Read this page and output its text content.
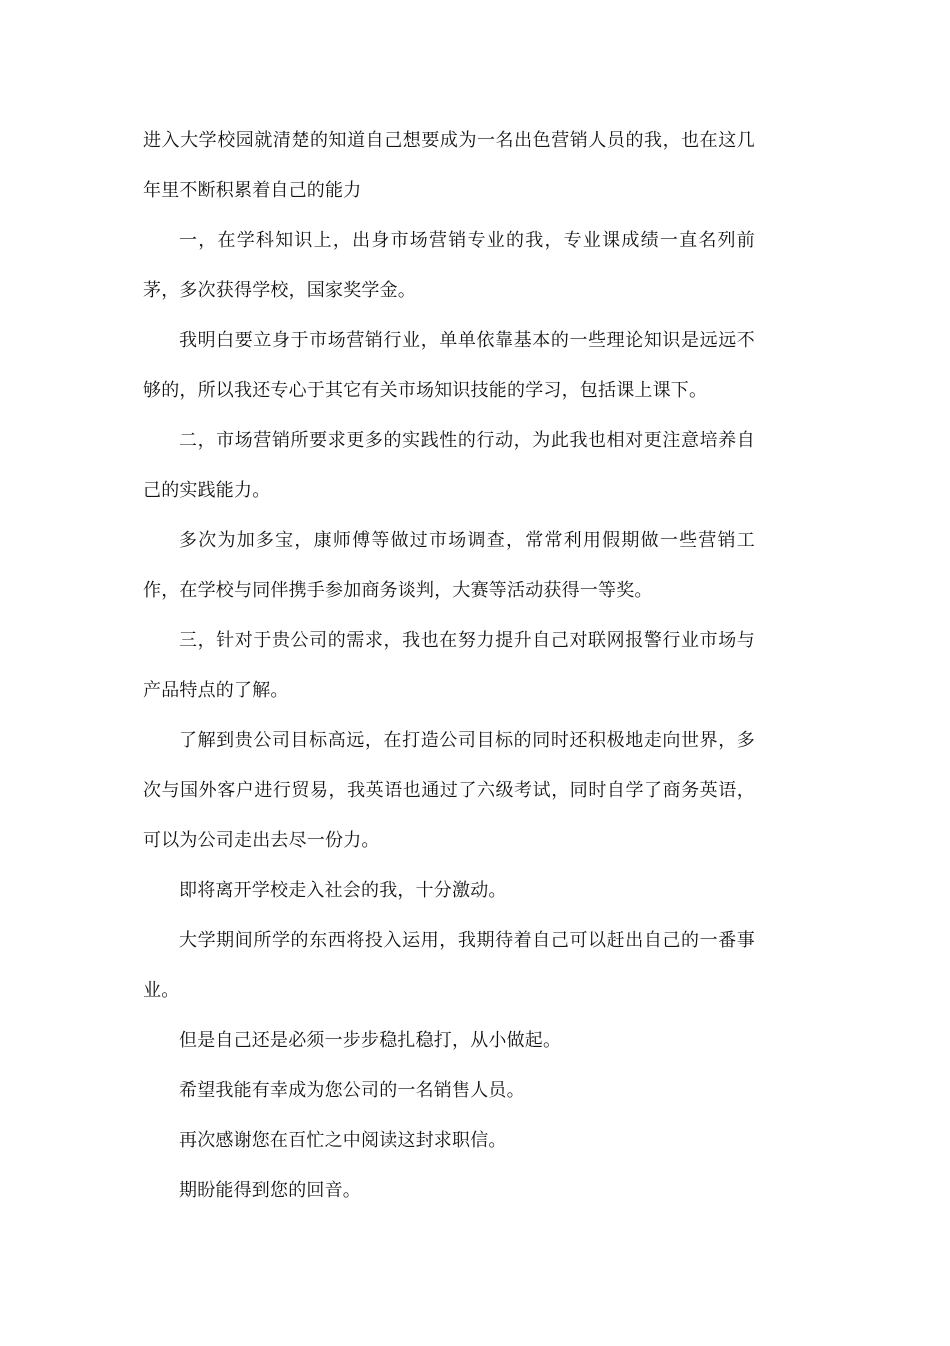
进入大学校园就清楚的知道自己想要成为一名出色营销人员的我，也在这几年里不断积累着自己的能力

一，在学科知识上，出身市场营销专业的我，专业课成绩一直名列前茅，多次获得学校，国家奖学金。

我明白要立身于市场营销行业，单单依靠基本的一些理论知识是远远不够的，所以我还专心于其它有关市场知识技能的学习，包括课上课下。

二，市场营销所要求更多的实践性的行动，为此我也相对更注意培养自己的实践能力。

多次为加多宝，康师傅等做过市场调查，常常利用假期做一些营销工作，在学校与同伴携手参加商务谈判，大赛等活动获得一等奖。

三，针对于贵公司的需求，我也在努力提升自己对联网报警行业市场与产品特点的了解。

了解到贵公司目标高远，在打造公司目标的同时还积极地走向世界，多次与国外客户进行贸易，我英语也通过了六级考试，同时自学了商务英语，可以为公司走出去尽一份力。

即将离开学校走入社会的我，十分激动。

大学期间所学的东西将投入运用，我期待着自己可以赶出自己的一番事业。

但是自己还是必须一步步稳扎稳打，从小做起。

希望我能有幸成为您公司的一名销售人员。

再次感谢您在百忙之中阅读这封求职信。

期盼能得到您的回音。
